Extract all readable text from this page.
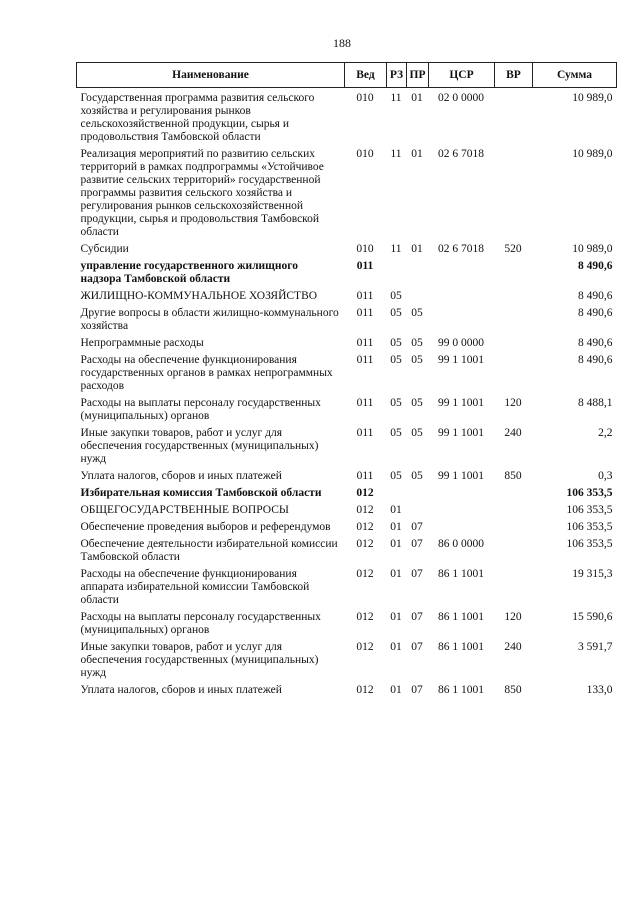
188
Наименование	Вед	РЗ	ПР	ЦСР	ВР	Сумма
Государственная программа развития сельского хозяйства и регулирования рынков сельскохозяйственной продукции, сырья и продовольствия Тамбовской области	010	11	01	02 0 0000		10 989,0
Реализация мероприятий по развитию сельских территорий в рамках подпрограммы «Устойчивое развитие сельских территорий» государственной программы развития сельского хозяйства и регулирования рынков сельскохозяйственной продукции, сырья и продовольствия Тамбовской области	010	11	01	02 6 7018		10 989,0
Субсидии	010	11	01	02 6 7018	520	10 989,0
управление государственного жилищного надзора Тамбовской области	011					8 490,6
ЖИЛИЩНО-КОММУНАЛЬНОЕ ХОЗЯЙСТВО	011	05				8 490,6
Другие вопросы в области жилищно-коммунального хозяйства	011	05	05			8 490,6
Непрограммные расходы	011	05	05	99 0 0000		8 490,6
Расходы на обеспечение функционирования государственных органов в рамках непрограммных расходов	011	05	05	99 1 1001		8 490,6
Расходы на выплаты персоналу государственных (муниципальных) органов	011	05	05	99 1 1001	120	8 488,1
Иные закупки товаров, работ и услуг для обеспечения государственных (муниципальных) нужд	011	05	05	99 1 1001	240	2,2
Уплата налогов, сборов и иных платежей	011	05	05	99 1 1001	850	0,3
Избирательная комиссия Тамбовской области	012					106 353,5
ОБЩЕГОСУДАРСТВЕННЫЕ ВОПРОСЫ	012	01				106 353,5
Обеспечение проведения выборов и референдумов	012	01	07			106 353,5
Обеспечение деятельности избирательной комиссии Тамбовской области	012	01	07	86 0 0000		106 353,5
Расходы на обеспечение функционирования аппарата избирательной комиссии Тамбовской области	012	01	07	86 1 1001		19 315,3
Расходы на выплаты персоналу государственных (муниципальных) органов	012	01	07	86 1 1001	120	15 590,6
Иные закупки товаров, работ и услуг для обеспечения государственных (муниципальных) нужд	012	01	07	86 1 1001	240	3 591,7
Уплата налогов, сборов и иных платежей	012	01	07	86 1 1001	850	133,0
